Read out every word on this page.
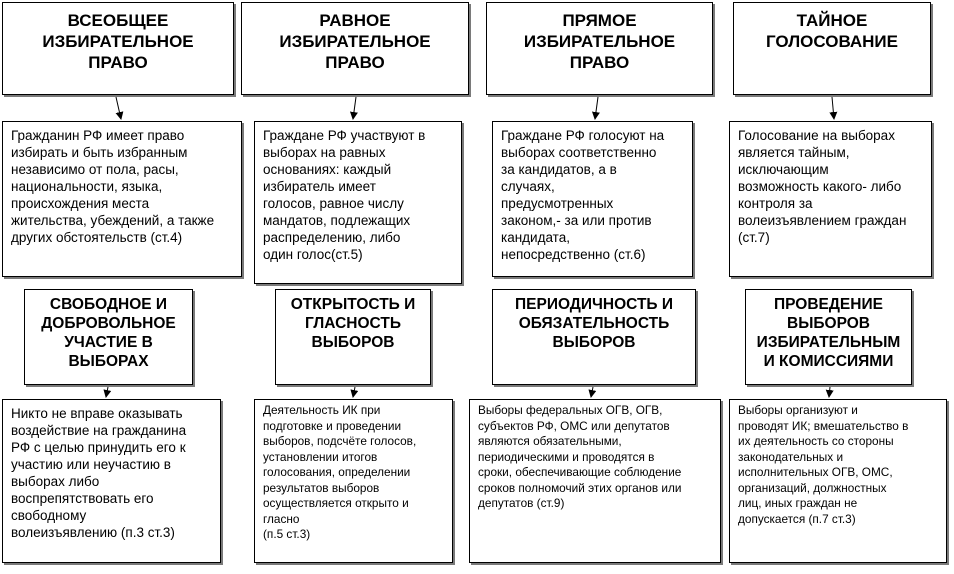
ВСЕОБЩЕЕ
ИЗБИРАТЕЛЬНОЕ
ПРАВО
РАВНОЕ
ИЗБИРАТЕЛЬНОЕ
ПРАВО
ПРЯМОЕ
ИЗБИРАТЕЛЬНОЕ
ПРАВО
ТАЙНОЕ
ГОЛОСОВАНИЕ
Гражданин РФ имеет право
избирать и быть избранным
независимо от пола, расы,
национальности, языка,
происхождения места
жительства, убеждений, а также
других обстоятельств (ст.4)
Граждане РФ участвуют в
выборах на равных
основаниях: каждый
избиратель имеет
голосов, равное числу
мандатов, подлежащих
распределению, либо
один голос(ст.5)
Граждане РФ голосуют на
выборах соответственно
за кандидатов, а в
случаях,
предусмотренных
законом,- за или против
кандидата,
непосредственно (ст.6)
Голосование на выборах
является тайным,
исключающим
возможность какого- либо
контроля за
волеизъявлением граждан
(ст.7)
СВОБОДНОЕ И
ДОБРОВОЛЬНОЕ
УЧАСТИЕ В
ВЫБОРАХ
ОТКРЫТОСТЬ И
ГЛАСНОСТЬ
ВЫБОРОВ
ПЕРИОДИЧНОСТЬ И
ОБЯЗАТЕЛЬНОСТЬ
ВЫБОРОВ
ПРОВЕДЕНИЕ
ВЫБОРОВ
ИЗБИРАТЕЛЬНЫМ
И КОМИССИЯМИ
Никто не вправе оказывать
воздействие на гражданина
РФ с целью принудить его к
участию или неучастию в
выборах либо
воспрепятствовать его
свободному
волеизъявлению (п.3 ст.3)
Деятельность ИК при
подготовке и проведении
выборов, подсчёте голосов,
установлении итогов
голосования, определении
результатов выборов
осуществляется открыто и
гласно
(п.5 ст.3)
Выборы федеральных ОГВ, ОГВ,
субъектов РФ, ОМС или депутатов
являются обязательными,
периодическими и проводятся в
сроки, обеспечивающие соблюдение
сроков полномочий этих органов или
депутатов (ст.9)
Выборы организуют и
проводят ИК; вмешательство в
их деятельность со стороны
законодательных и
исполнительных ОГВ, ОМС,
организаций, должностных
лиц, иных граждан не
допускается (п.7 ст.3)
